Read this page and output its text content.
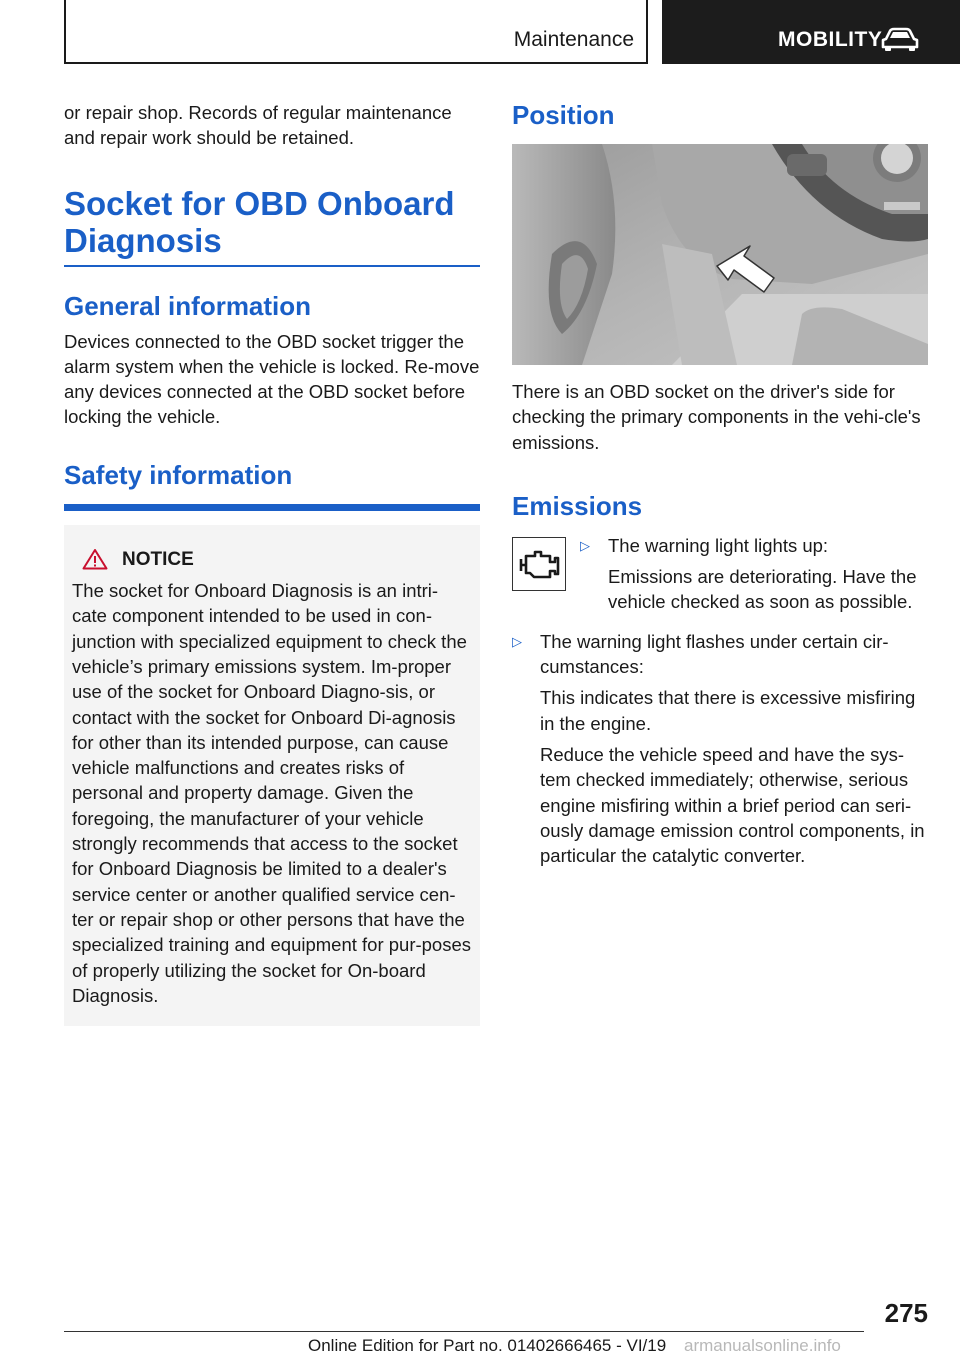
Maintenance	MOBILITY

or repair shop. Records of regular maintenance and repair work should be retained.

Socket for OBD Onboard Diagnosis
General information

Devices connected to the OBD socket trigger the alarm system when the vehicle is locked. Re‐move any devices connected at the OBD socket before locking the vehicle.

Safety information
NOTICE

The socket for Onboard Diagnosis is an intri‐cate component intended to be used in con‐junction with specialized equipment to check the vehicle’s primary emissions system. Im‐proper use of the socket for Onboard Diagno‐sis, or contact with the socket for Onboard Di‐agnosis for other than its intended purpose, can cause vehicle malfunctions and creates risks of personal and property damage. Given the foregoing, the manufacturer of your vehicle strongly recommends that access to the socket for Onboard Diagnosis be limited to a dealer's service center or another qualified service cen‐ter or repair shop or other persons that have the specialized training and equipment for pur‐poses of properly utilizing the socket for On‐board Diagnosis.

Position

There is an OBD socket on the driver's side for checking the primary components in the vehi‐cle's emissions.

Emissions
▷ The warning light lights up:
Emissions are deteriorating. Have the vehicle checked as soon as possible.
▷ The warning light flashes under certain cir‐cumstances:
This indicates that there is excessive misfiring in the engine.
Reduce the vehicle speed and have the sys‐tem checked immediately; otherwise, serious engine misfiring within a brief period can seri‐ously damage emission control components, in particular the catalytic converter.
275
Online Edition for Part no. 01402666465 - VI/19 armanualsonline.info
